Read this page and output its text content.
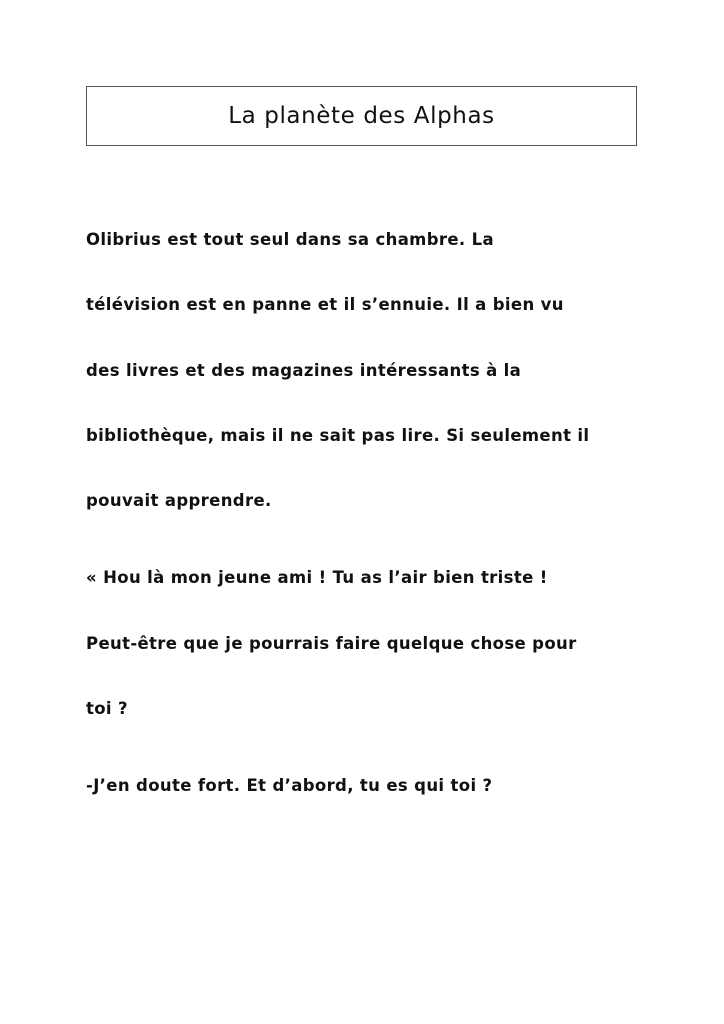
La planète des Alphas
Olibrius est tout seul dans sa chambre. La
télévision est en panne et il s’ennuie. Il a bien vu
des livres et des magazines intéressants à la
bibliothèque, mais il ne sait pas lire. Si seulement il
pouvait apprendre.
« Hou là mon jeune ami ! Tu as l’air bien triste !
Peut-être que je pourrais faire quelque chose pour
toi ?
-J’en doute fort. Et d’abord, tu es qui toi ?
